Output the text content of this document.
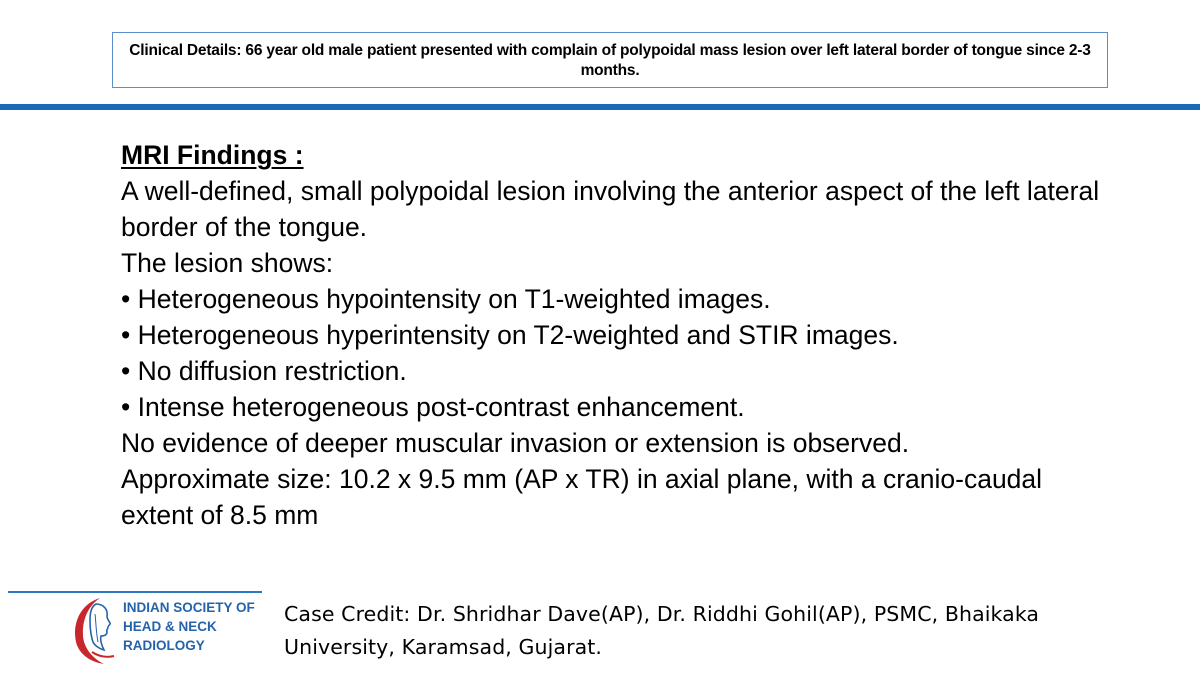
Clinical Details: 66 year old male patient presented with complain of polypoidal mass lesion over left lateral border of tongue since 2-3 months.
MRI Findings :
A well-defined, small polypoidal lesion involving the anterior aspect of the left lateral border of the tongue.
The lesion shows:
• Heterogeneous hypointensity on T1-weighted images.
• Heterogeneous hyperintensity on T2-weighted and STIR images.
• No diffusion restriction.
• Intense heterogeneous post-contrast enhancement.
No evidence of deeper muscular invasion or extension is observed.
Approximate size: 10.2 x 9.5 mm (AP x TR) in axial plane, with a cranio-caudal extent of 8.5 mm
INDIAN SOCIETY OF
HEAD & NECK
RADIOLOGY
Case Credit: Dr. Shridhar Dave(AP), Dr. Riddhi Gohil(AP), PSMC, Bhaikaka University, Karamsad, Gujarat.
